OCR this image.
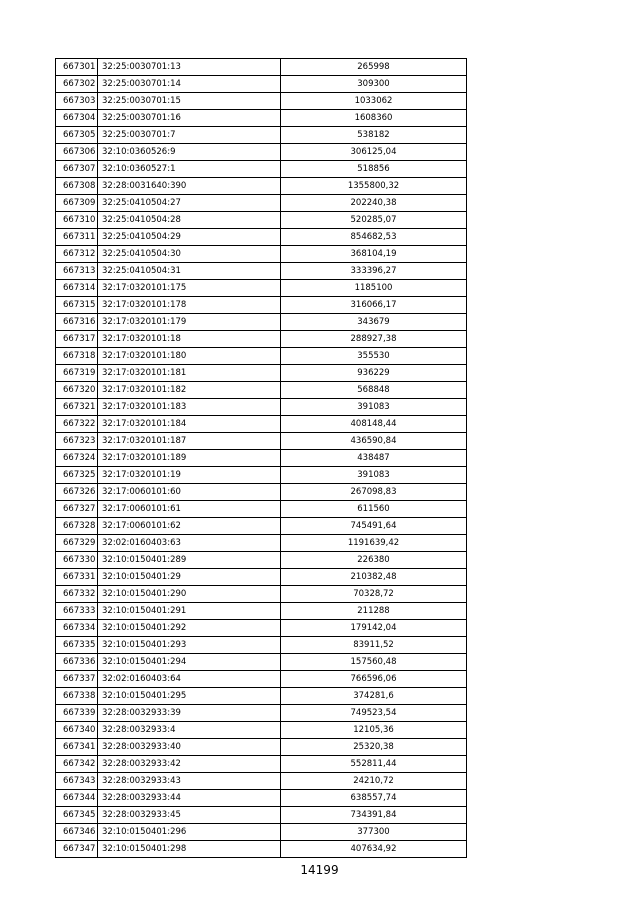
667301	32:25:0030701:13	265998
667302	32:25:0030701:14	309300
667303	32:25:0030701:15	1033062
667304	32:25:0030701:16	1608360
667305	32:25:0030701:7	538182
667306	32:10:0360526:9	306125,04
667307	32:10:0360527:1	518856
667308	32:28:0031640:390	1355800,32
667309	32:25:0410504:27	202240,38
667310	32:25:0410504:28	520285,07
667311	32:25:0410504:29	854682,53
667312	32:25:0410504:30	368104,19
667313	32:25:0410504:31	333396,27
667314	32:17:0320101:175	1185100
667315	32:17:0320101:178	316066,17
667316	32:17:0320101:179	343679
667317	32:17:0320101:18	288927,38
667318	32:17:0320101:180	355530
667319	32:17:0320101:181	936229
667320	32:17:0320101:182	568848
667321	32:17:0320101:183	391083
667322	32:17:0320101:184	408148,44
667323	32:17:0320101:187	436590,84
667324	32:17:0320101:189	438487
667325	32:17:0320101:19	391083
667326	32:17:0060101:60	267098,83
667327	32:17:0060101:61	611560
667328	32:17:0060101:62	745491,64
667329	32:02:0160403:63	1191639,42
667330	32:10:0150401:289	226380
667331	32:10:0150401:29	210382,48
667332	32:10:0150401:290	70328,72
667333	32:10:0150401:291	211288
667334	32:10:0150401:292	179142,04
667335	32:10:0150401:293	83911,52
667336	32:10:0150401:294	157560,48
667337	32:02:0160403:64	766596,06
667338	32:10:0150401:295	374281,6
667339	32:28:0032933:39	749523,54
667340	32:28:0032933:4	12105,36
667341	32:28:0032933:40	25320,38
667342	32:28:0032933:42	552811,44
667343	32:28:0032933:43	24210,72
667344	32:28:0032933:44	638557,74
667345	32:28:0032933:45	734391,84
667346	32:10:0150401:296	377300
667347	32:10:0150401:298	407634,92
14199
